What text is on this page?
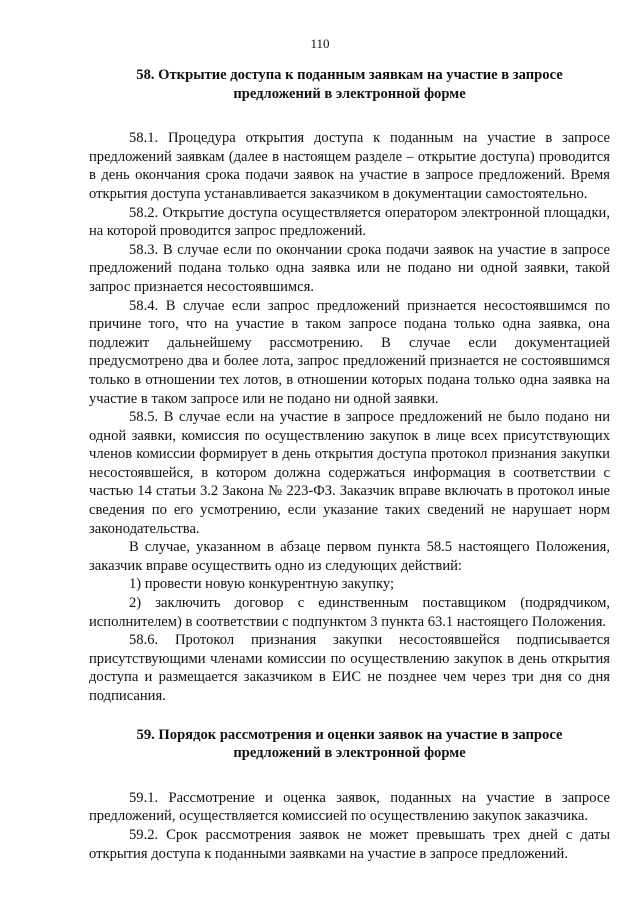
110
58. Открытие доступа к поданным заявкам на участие в запросе
предложений в электронной форме

58.1. Процедура открытия доступа к поданным на участие в запросе предложений заявкам (далее в настоящем разделе – открытие доступа) проводится в день окончания срока подачи заявок на участие в запросе предложений. Время открытия доступа устанавливается заказчиком в документации самостоятельно.

58.2. Открытие доступа осуществляется оператором электронной площадки, на которой проводится запрос предложений.

58.3. В случае если по окончании срока подачи заявок на участие в запросе предложений подана только одна заявка или не подано ни одной заявки, такой запрос признается несостоявшимся.

58.4. В случае если запрос предложений признается несостоявшимся по причине того, что на участие в таком запросе подана только одна заявка, она подлежит дальнейшему рассмотрению. В случае если документацией предусмотрено два и более лота, запрос предложений признается не состоявшимся только в отношении тех лотов, в отношении которых подана только одна заявка на участие в таком запросе или не подано ни одной заявки.

58.5. В случае если на участие в запросе предложений не было подано ни одной заявки, комиссия по осуществлению закупок в лице всех присутствующих членов комиссии формирует в день открытия доступа протокол признания закупки несостоявшейся, в котором должна содержаться информация в соответствии с частью 14 статьи 3.2 Закона № 223-ФЗ. Заказчик вправе включать в протокол иные сведения по его усмотрению, если указание таких сведений не нарушает норм законодательства.

В случае, указанном в абзаце первом пункта 58.5 настоящего Положения, заказчик вправе осуществить одно из следующих действий:

1) провести новую конкурентную закупку;

2) заключить договор с единственным поставщиком (подрядчиком, исполнителем) в соответствии с подпунктом 3 пункта 63.1 настоящего Положения.

58.6. Протокол признания закупки несостоявшейся подписывается присутствующими членами комиссии по осуществлению закупок в день открытия доступа и размещается заказчиком в ЕИС не позднее чем через три дня со дня подписания.

59. Порядок рассмотрения и оценки заявок на участие в запросе
предложений в электронной форме

59.1. Рассмотрение и оценка заявок, поданных на участие в запросе предложений, осуществляется комиссией по осуществлению закупок заказчика.

59.2. Срок рассмотрения заявок не может превышать трех дней с даты открытия доступа к поданными заявками на участие в запросе предложений.
